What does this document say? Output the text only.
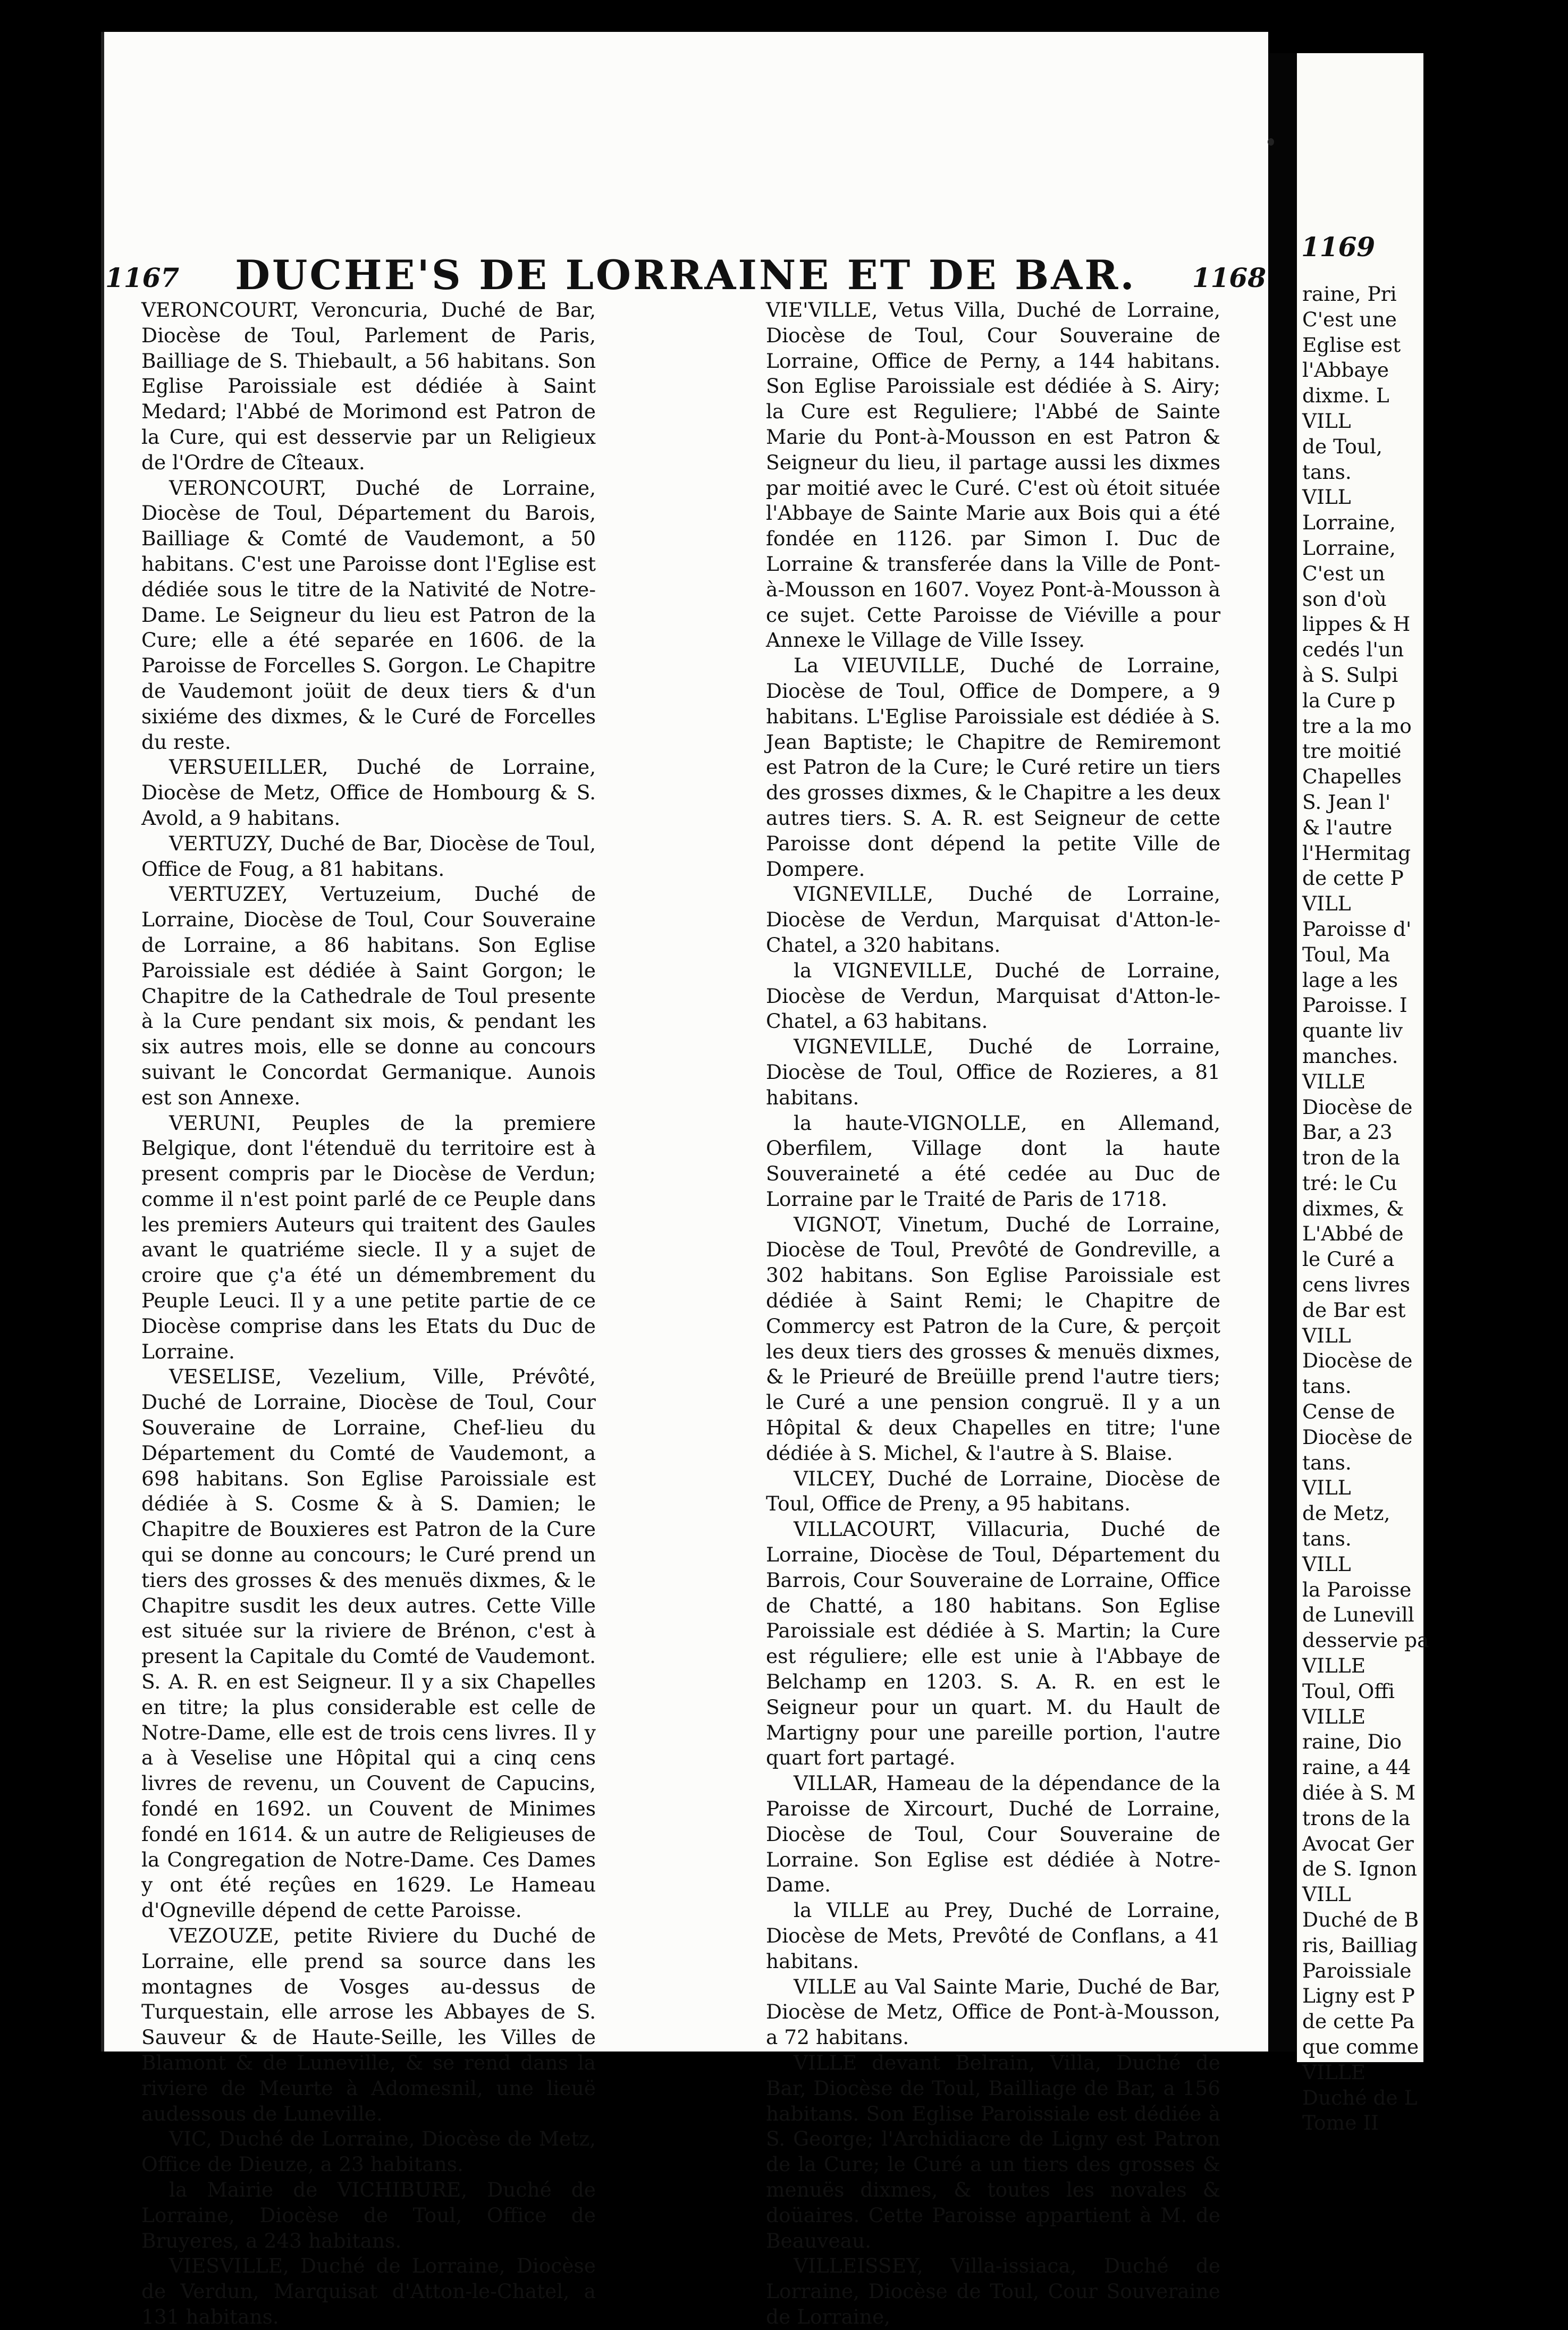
1167	DUCHE'S DE LORRAINE ET DE BAR.	1168

VERONCOURT, Veroncuria, Duché de Bar, Diocèse de Toul, Parlement de Paris, Bailliage de S. Thiebault, a 56 habitans. Son Eglise Paroissiale est dédiée à Saint Medard; l'Abbé de Morimond est Patron de la Cure, qui est desservie par un Religieux de l'Ordre de Cîteaux.

VERONCOURT, Duché de Lorraine, Diocèse de Toul, Département du Barois, Bailliage & Comté de Vaudemont, a 50 habitans. C'est une Paroisse dont l'Eglise est dédiée sous le titre de la Nativité de Notre-Dame. Le Seigneur du lieu est Patron de la Cure; elle a été separée en 1606. de la Paroisse de Forcelles S. Gorgon. Le Chapitre de Vaudemont joüit de deux tiers & d'un sixiéme des dixmes, & le Curé de Forcelles du reste.

VERSUEILLER, Duché de Lorraine, Diocèse de Metz, Office de Hombourg & S. Avold, a 9 habitans.

VERTUZY, Duché de Bar, Diocèse de Toul, Office de Foug, a 81 habitans.

VERTUZEY, Vertuzeium, Duché de Lorraine, Diocèse de Toul, Cour Souveraine de Lorraine, a 86 habitans. Son Eglise Paroissiale est dédiée à Saint Gorgon; le Chapitre de la Cathedrale de Toul presente à la Cure pendant six mois, & pendant les six autres mois, elle se donne au concours suivant le Concordat Germanique. Aunois est son Annexe.

VERUNI, Peuples de la premiere Belgique, dont l'étenduë du territoire est à present compris par le Diocèse de Verdun; comme il n'est point parlé de ce Peuple dans les premiers Auteurs qui traitent des Gaules avant le quatriéme siecle. Il y a sujet de croire que ç'a été un démembrement du Peuple Leuci. Il y a une petite partie de ce Diocèse comprise dans les Etats du Duc de Lorraine.

VESELISE, Vezelium, Ville, Prévôté, Duché de Lorraine, Diocèse de Toul, Cour Souveraine de Lorraine, Chef-lieu du Département du Comté de Vaudemont, a 698 habitans. Son Eglise Paroissiale est dédiée à S. Cosme & à S. Damien; le Chapitre de Bouxieres est Patron de la Cure qui se donne au concours; le Curé prend un tiers des grosses & des menuës dixmes, & le Chapitre susdit les deux autres. Cette Ville est située sur la riviere de Brénon, c'est à present la Capitale du Comté de Vaudemont. S. A. R. en est Seigneur. Il y a six Chapelles en titre; la plus considerable est celle de Notre-Dame, elle est de trois cens livres. Il y a à Veselise une Hôpital qui a cinq cens livres de revenu, un Couvent de Capucins, fondé en 1692. un Couvent de Minimes fondé en 1614. & un autre de Religieuses de la Congregation de Notre-Dame. Ces Dames y ont été reçûes en 1629. Le Hameau d'Ogneville dépend de cette Paroisse.

VEZOUZE, petite Riviere du Duché de Lorraine, elle prend sa source dans les montagnes de Vosges au-dessus de Turquestain, elle arrose les Abbayes de S. Sauveur & de Haute-Seille, les Villes de Blamont & de Luneville, & se rend dans la riviere de Meurte à Adomesnil, une lieuë audessous de Luneville.

VIC, Duché de Lorraine, Diocèse de Metz, Office de Dieuze, a 23 habitans.

la Mairie de VICHIBURE, Duché de Lorraine, Diocèse de Toul, Office de Bruyeres, a 243 habitans.

VIESVILLE, Duché de Lorraine, Diocèse de Verdun, Marquisat d'Atton-le-Chatel, a 131 habitans.

VIE'VILLE, Vetus Villa, Duché de Lorraine, Diocèse de Toul, Cour Souveraine de Lorraine, Office de Perny, a 144 habitans. Son Eglise Paroissiale est dédiée à S. Airy; la Cure est Reguliere; l'Abbé de Sainte Marie du Pont-à-Mousson en est Patron & Seigneur du lieu, il partage aussi les dixmes par moitié avec le Curé. C'est où étoit située l'Abbaye de Sainte Marie aux Bois qui a été fondée en 1126. par Simon I. Duc de Lorraine & transferée dans la Ville de Pont-à-Mousson en 1607. Voyez Pont-à-Mousson à ce sujet. Cette Paroisse de Viéville a pour Annexe le Village de Ville Issey.

La VIEUVILLE, Duché de Lorraine, Diocèse de Toul, Office de Dompere, a 9 habitans. L'Eglise Paroissiale est dédiée à S. Jean Baptiste; le Chapitre de Remiremont est Patron de la Cure; le Curé retire un tiers des grosses dixmes, & le Chapitre a les deux autres tiers. S. A. R. est Seigneur de cette Paroisse dont dépend la petite Ville de Dompere.

VIGNEVILLE, Duché de Lorraine, Diocèse de Verdun, Marquisat d'Atton-le-Chatel, a 320 habitans.

la VIGNEVILLE, Duché de Lorraine, Diocèse de Verdun, Marquisat d'Atton-le-Chatel, a 63 habitans.

VIGNEVILLE, Duché de Lorraine, Diocèse de Toul, Office de Rozieres, a 81 habitans.

la haute-VIGNOLLE, en Allemand, Oberfilem, Village dont la haute Souveraineté a été cedée au Duc de Lorraine par le Traité de Paris de 1718.

VIGNOT, Vinetum, Duché de Lorraine, Diocèse de Toul, Prevôté de Gondreville, a 302 habitans. Son Eglise Paroissiale est dédiée à Saint Remi; le Chapitre de Commercy est Patron de la Cure, & perçoit les deux tiers des grosses & menuës dixmes, & le Prieuré de Breüille prend l'autre tiers; le Curé a une pension congruë. Il y a un Hôpital & deux Chapelles en titre; l'une dédiée à S. Michel, & l'autre à S. Blaise.

VILCEY, Duché de Lorraine, Diocèse de Toul, Office de Preny, a 95 habitans.

VILLACOURT, Villacuria, Duché de Lorraine, Diocèse de Toul, Département du Barrois, Cour Souveraine de Lorraine, Office de Chatté, a 180 habitans. Son Eglise Paroissiale est dédiée à S. Martin; la Cure est réguliere; elle est unie à l'Abbaye de Belchamp en 1203. S. A. R. en est le Seigneur pour un quart. M. du Hault de Martigny pour une pareille portion, l'autre quart fort partagé.

VILLAR, Hameau de la dépendance de la Paroisse de Xircourt, Duché de Lorraine, Diocèse de Toul, Cour Souveraine de Lorraine. Son Eglise est dédiée à Notre-Dame.

la VILLE au Prey, Duché de Lorraine, Diocèse de Mets, Prevôté de Conflans, a 41 habitans.

VILLE au Val Sainte Marie, Duché de Bar, Diocèse de Metz, Office de Pont-à-Mousson, a 72 habitans.

VILLE devant Belrain, Villa, Duché de Bar, Diocèse de Toul, Bailliage de Bar, a 156 habitans. Son Eglise Paroissiale est dédiée à S. George; l'Archidiacre de Ligny est Patron de la Cure; le Curé a un tiers des grosses & menuës dixmes, & toutes les novales & doüaires. Cette Paroisse appartient à M. de Beauveau.

VILLEISSEY, Villa-issiaca, Duché de Lorraine, Diocèse de Toul, Cour Souveraine de Lorraine,

1169
raine, Pri
C'est une
Eglise est
l'Abbaye
dixme. L
VILL
de Toul,
tans.
VILL
Lorraine,
Lorraine,
C'est un
son d'où
lippes & H
cedés l'un
à S. Sulpi
la Cure p
tre a la mo
tre moitié
Chapelles
S. Jean l'
& l'autre
l'Hermitag
de cette P
VILL
Paroisse d'
Toul, Ma
lage a les
Paroisse. I
quante liv
manches.
VILLE
Diocèse de
Bar, a 23
tron de la
tré: le Cu
dixmes, &
L'Abbé de
le Curé a
cens livres
de Bar est
VILL
Diocèse de
tans.
Cense de
Diocèse de
tans.
VILL
de Metz,
tans.
VILL
la Paroisse
de Lunevill
desservie pa
VILLE
Toul, Offi
VILLE
raine, Dio
raine, a 44
diée à S. M
trons de la
Avocat Ger
de S. Ignon
VILL
Duché de B
ris, Bailliag
Paroissiale
Ligny est P
de cette Pa
que comme
VILLE
Duché de L
Tome II
